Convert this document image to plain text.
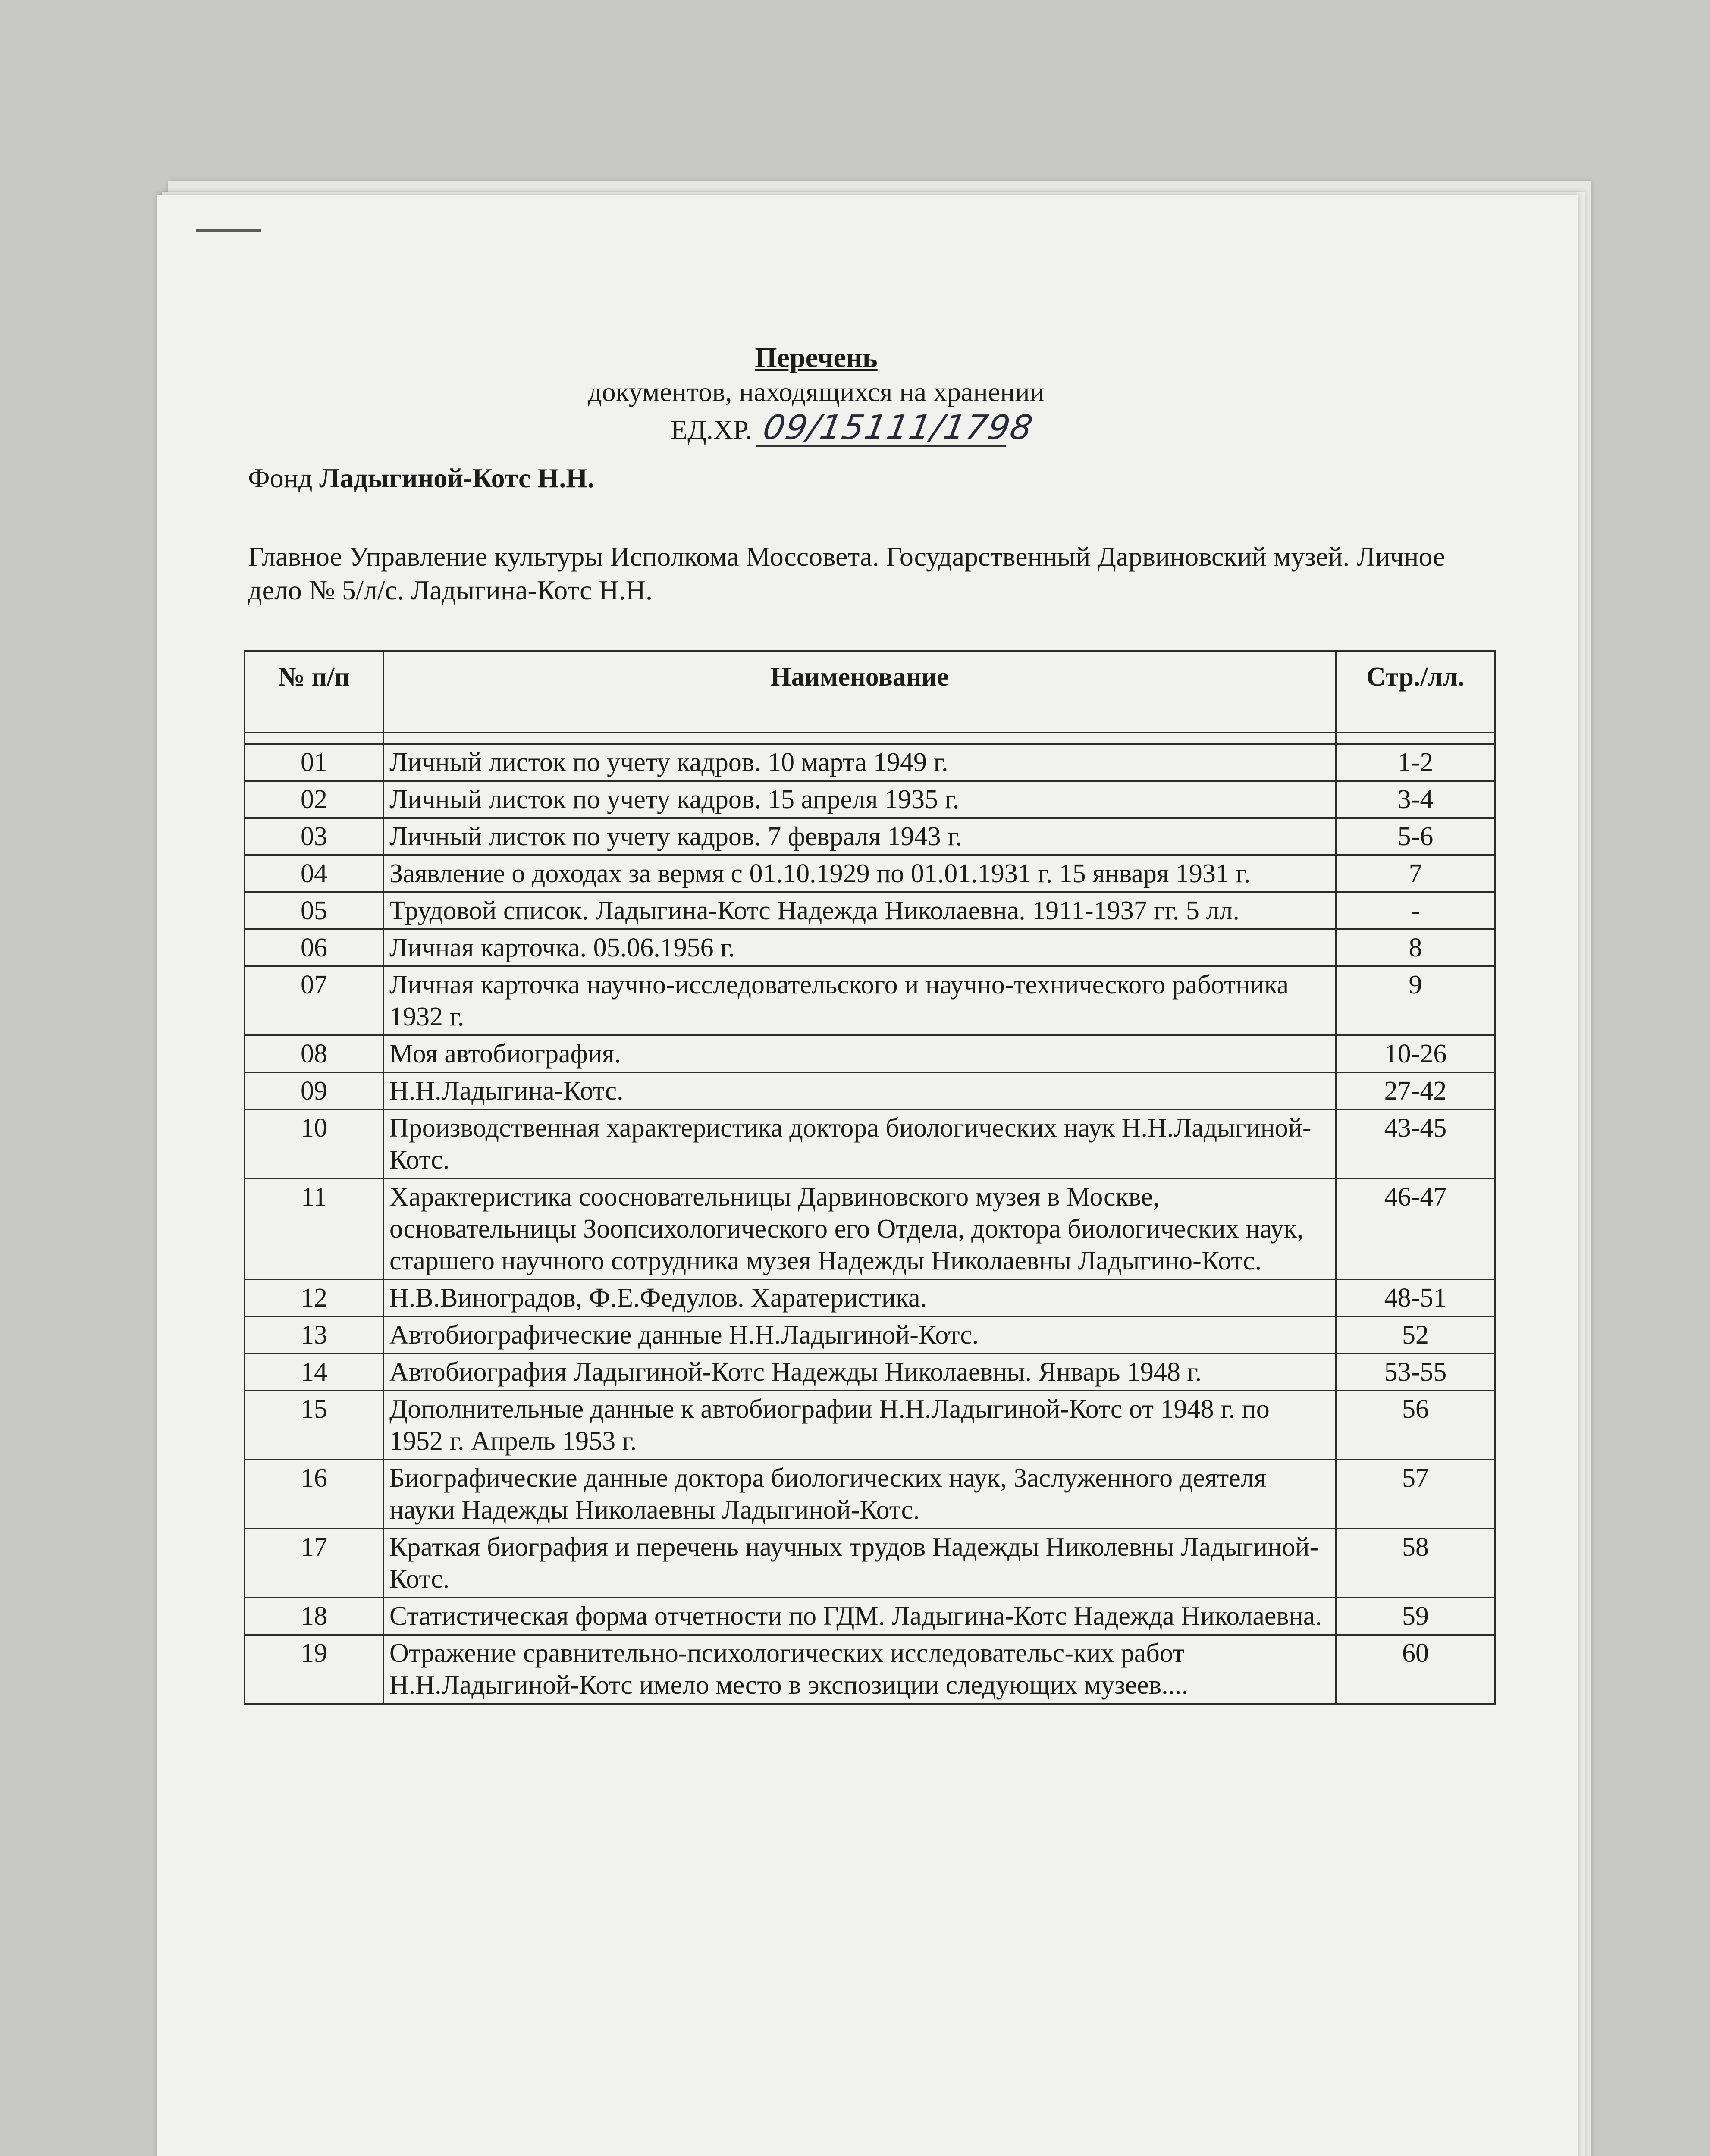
Перечень
документов, находящихся на хранении
ЕД.ХР. 09/15111/1798
Фонд Ладыгиной-Котс Н.Н.
Главное Управление культуры Исполкома Моссовета. Государственный Дарвиновский музей. Личное дело № 5/л/с. Ладыгина-Котс Н.Н.
№ п/п	Наименование	Стр./лл.

01	Личный листок по учету кадров. 10 марта 1949 г.	1-2
02	Личный листок по учету кадров. 15 апреля 1935 г.	3-4
03	Личный листок по учету кадров. 7 февраля 1943 г.	5-6
04	Заявление о доходах за вермя с 01.10.1929 по 01.01.1931 г. 15 января 1931 г.	7
05	Трудовой список. Ладыгина-Котс Надежда Николаевна. 1911-1937 гг. 5 лл.	-
06	Личная карточка. 05.06.1956 г.	8
07	Личная карточка научно-исследовательского и научно-технического работника 1932 г.	9
08	Моя автобиография.	10-26
09	Н.Н.Ладыгина-Котс.	27-42
10	Производственная характеристика доктора биологических наук Н.Н.Ладыгиной-Котс.	43-45
11	Характеристика соосновательницы Дарвиновского музея в Москве, основательницы Зоопсихологического его Отдела, доктора биологических наук, старшего научного сотрудника музея Надежды Николаевны Ладыгино-Котс.	46-47
12	Н.В.Виноградов, Ф.Е.Федулов. Харатеристика.	48-51
13	Автобиографические данные Н.Н.Ладыгиной-Котс.	52
14	Автобиография Ладыгиной-Котс Надежды Николаевны. Январь 1948 г.	53-55
15	Дополнительные данные к автобиографии Н.Н.Ладыгиной-Котс от 1948 г. по 1952 г. Апрель 1953 г.	56
16	Биографические данные доктора биологических наук, Заслуженного деятеля науки Надежды Николаевны Ладыгиной-Котс.	57
17	Краткая биография и перечень научных трудов Надежды Николевны Ладыгиной-Котс.	58
18	Статистическая форма отчетности по ГДМ. Ладыгина-Котс Надежда Николаевна.	59
19	Отражение сравнительно-психологических исследовательс-ких работ Н.Н.Ладыгиной-Котс имело место в экспозиции следующих музеев....	60
